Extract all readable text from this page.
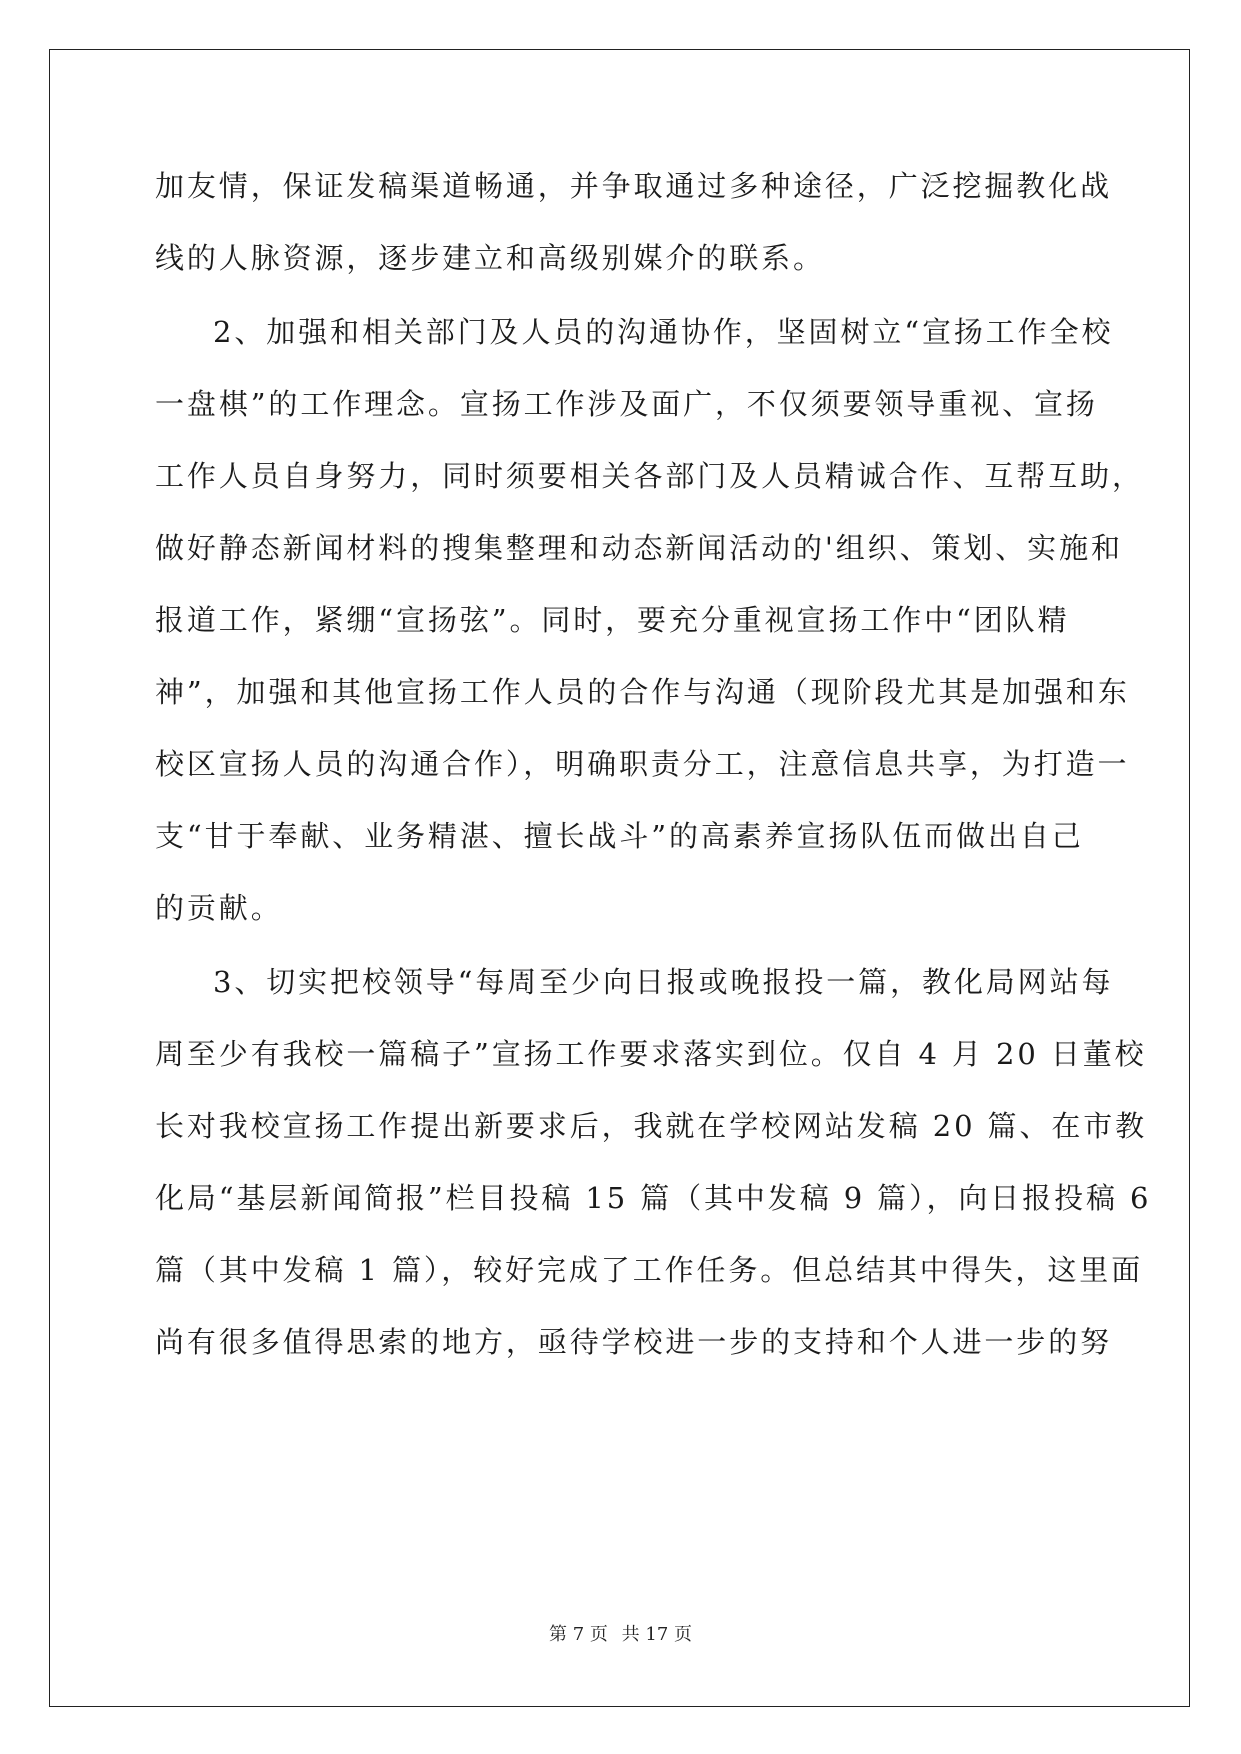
加友情，保证发稿渠道畅通，并争取通过多种途径，广泛挖掘教化战
线的人脉资源，逐步建立和高级别媒介的联系。
2、加强和相关部门及人员的沟通协作，坚固树立“宣扬工作全校
一盘棋”的工作理念。宣扬工作涉及面广，不仅须要领导重视、宣扬
工作人员自身努力，同时须要相关各部门及人员精诚合作、互帮互助，
做好静态新闻材料的搜集整理和动态新闻活动的'组织、策划、实施和
报道工作，紧绷“宣扬弦”。同时，要充分重视宣扬工作中“团队精
神”，加强和其他宣扬工作人员的合作与沟通（现阶段尤其是加强和东
校区宣扬人员的沟通合作），明确职责分工，注意信息共享，为打造一
支“甘于奉献、业务精湛、擅长战斗”的高素养宣扬队伍而做出自己
的贡献。
3、切实把校领导“每周至少向日报或晚报投一篇，教化局网站每
周至少有我校一篇稿子”宣扬工作要求落实到位。仅自 4 月 20 日董校
长对我校宣扬工作提出新要求后，我就在学校网站发稿 20 篇、在市教
化局“基层新闻简报”栏目投稿 15 篇（其中发稿 9 篇），向日报投稿 6
篇（其中发稿 1 篇），较好完成了工作任务。但总结其中得失，这里面
尚有很多值得思索的地方，亟待学校进一步的支持和个人进一步的努
第 7 页 共 17 页
